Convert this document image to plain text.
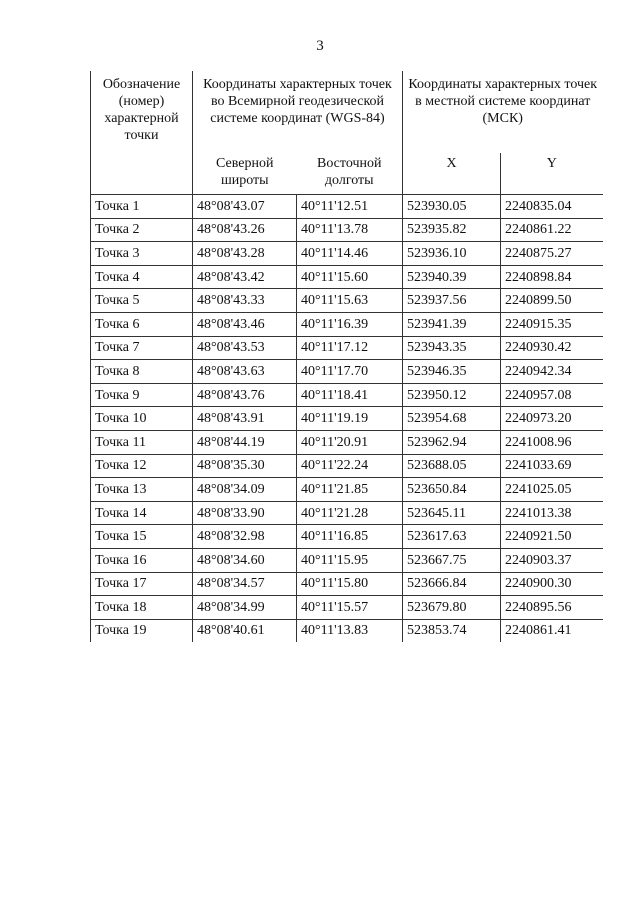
3
Обозначение (номер) характерной точки	Координаты характерных точек во Всемирной геодезической системе координат (WGS-84)		Координаты характерных точек в местной системе координат (МСК)	
	Северной широты	Восточной долготы	X	Y
Точка 1	48°08'43.07	40°11'12.51	523930.05	2240835.04
Точка 2	48°08'43.26	40°11'13.78	523935.82	2240861.22
Точка 3	48°08'43.28	40°11'14.46	523936.10	2240875.27
Точка 4	48°08'43.42	40°11'15.60	523940.39	2240898.84
Точка 5	48°08'43.33	40°11'15.63	523937.56	2240899.50
Точка 6	48°08'43.46	40°11'16.39	523941.39	2240915.35
Точка 7	48°08'43.53	40°11'17.12	523943.35	2240930.42
Точка 8	48°08'43.63	40°11'17.70	523946.35	2240942.34
Точка 9	48°08'43.76	40°11'18.41	523950.12	2240957.08
Точка 10	48°08'43.91	40°11'19.19	523954.68	2240973.20
Точка 11	48°08'44.19	40°11'20.91	523962.94	2241008.96
Точка 12	48°08'35.30	40°11'22.24	523688.05	2241033.69
Точка 13	48°08'34.09	40°11'21.85	523650.84	2241025.05
Точка 14	48°08'33.90	40°11'21.28	523645.11	2241013.38
Точка 15	48°08'32.98	40°11'16.85	523617.63	2240921.50
Точка 16	48°08'34.60	40°11'15.95	523667.75	2240903.37
Точка 17	48°08'34.57	40°11'15.80	523666.84	2240900.30
Точка 18	48°08'34.99	40°11'15.57	523679.80	2240895.56
Точка 19	48°08'40.61	40°11'13.83	523853.74	2240861.41
